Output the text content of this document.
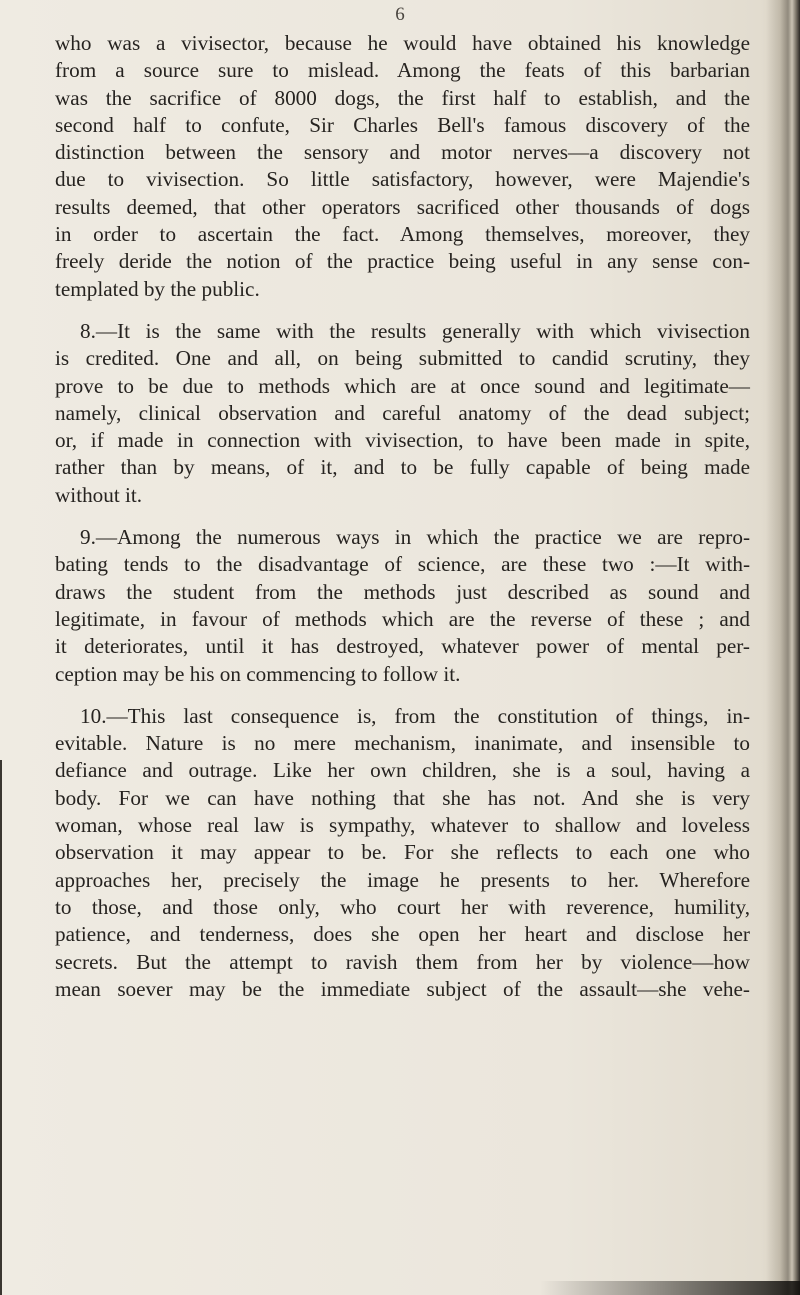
6
who was a vivisector, because he would have obtained his knowledge
from a source sure to mislead. Among the feats of this barbarian
was the sacrifice of 8000 dogs, the first half to establish, and the
second half to confute, Sir Charles Bell's famous discovery of the
distinction between the sensory and motor nerves—a discovery not
due to vivisection. So little satisfactory, however, were Majendie's
results deemed, that other operators sacrificed other thousands of dogs
in order to ascertain the fact. Among themselves, moreover, they
freely deride the notion of the practice being useful in any sense con-
templated by the public.
8.—It is the same with the results generally with which vivisection
is credited. One and all, on being submitted to candid scrutiny, they
prove to be due to methods which are at once sound and legitimate—
namely, clinical observation and careful anatomy of the dead subject;
or, if made in connection with vivisection, to have been made in spite,
rather than by means, of it, and to be fully capable of being made
without it.
9.—Among the numerous ways in which the practice we are repro-
bating tends to the disadvantage of science, are these two :—It with-
draws the student from the methods just described as sound and
legitimate, in favour of methods which are the reverse of these ; and
it deteriorates, until it has destroyed, whatever power of mental per-
ception may be his on commencing to follow it.
10.—This last consequence is, from the constitution of things, in-
evitable. Nature is no mere mechanism, inanimate, and insensible to
defiance and outrage. Like her own children, she is a soul, having a
body. For we can have nothing that she has not. And she is very
woman, whose real law is sympathy, whatever to shallow and loveless
observation it may appear to be. For she reflects to each one who
approaches her, precisely the image he presents to her. Wherefore
to those, and those only, who court her with reverence, humility,
patience, and tenderness, does she open her heart and disclose her
secrets. But the attempt to ravish them from her by violence—how
mean soever may be the immediate subject of the assault—she vehe-
